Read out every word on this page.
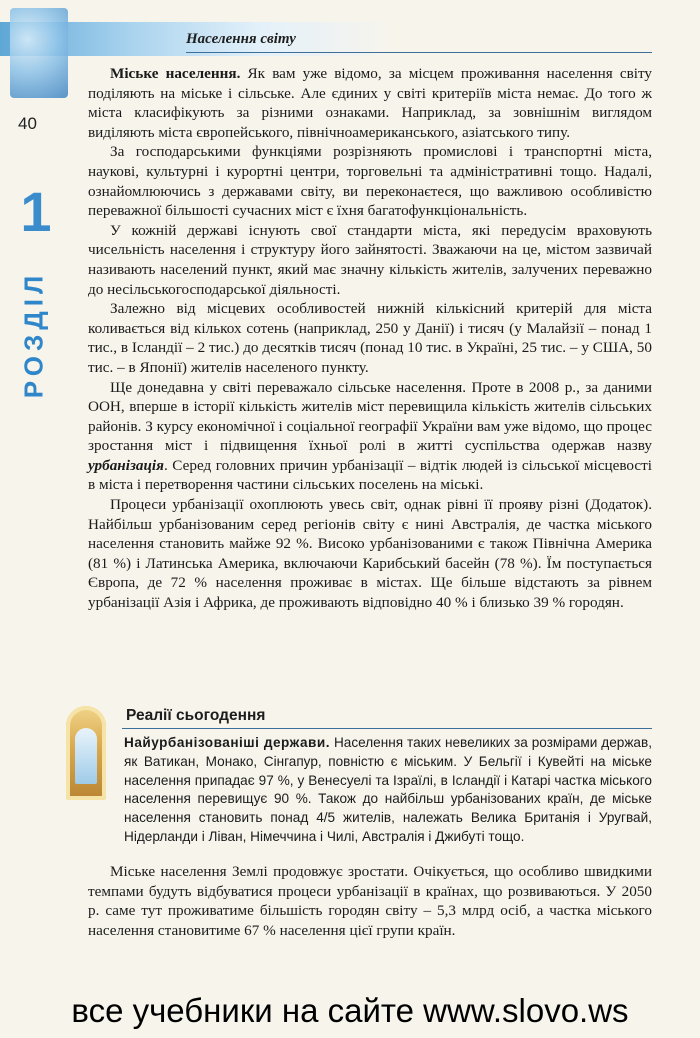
Населення світу
40
1
РОЗДІЛ

Міське населення. Як вам уже відомо, за місцем проживання населення світу поділяють на міське і сільське. Але єдиних у світі критеріїв міста немає. До того ж міста класифікують за різними ознаками. Наприклад, за зовнішнім виглядом виділяють міста європейського, північноамериканського, азіатського типу.

За господарськими функціями розрізняють промислові і транспортні міста, наукові, культурні і курортні центри, торговельні та адміністративні тощо. Надалі, ознайомлюючись з державами світу, ви переконаєтеся, що важливою особливістю переважної більшості сучасних міст є їхня багатофункціональність.

У кожній державі існують свої стандарти міста, які передусім враховують чисельність населення і структуру його зайнятості. Зважаючи на це, містом зазвичай називають населений пункт, який має значну кількість жителів, залучених переважно до несільськогосподарської діяльності.

Залежно від місцевих особливостей нижній кількісний критерій для міста коливається від кількох сотень (наприклад, 250 у Данії) і тисяч (у Малайзії – понад 1 тис., в Ісландії – 2 тис.) до десятків тисяч (понад 10 тис. в Україні, 25 тис. – у США, 50 тис. – в Японії) жителів населеного пункту.

Ще донедавна у світі переважало сільське населення. Проте в 2008 р., за даними ООН, вперше в історії кількість жителів міст перевищила кількість жителів сільських районів. З курсу економічної і соціальної географії України вам уже відомо, що процес зростання міст і підвищення їхньої ролі в житті суспільства одержав назву урбанізація. Серед головних причин урбанізації – відтік людей із сільської місцевості в міста і перетворення частини сільських поселень на міські.

Процеси урбанізації охоплюють увесь світ, однак рівні її прояву різні (Додаток). Найбільш урбанізованим серед регіонів світу є нині Австралія, де частка міського населення становить майже 92 %. Високо урбанізованими є також Північна Америка (81 %) і Латинська Америка, включаючи Карибський басейн (78 %). Їм поступається Європа, де 72 % населення проживає в містах. Ще більше відстають за рівнем урбанізації Азія і Африка, де проживають відповідно 40 % і близько 39 % городян.

Реалії сьогодення

Найурбанізованіші держави. Населення таких невеликих за розмірами держав, як Ватикан, Монако, Сінгапур, повністю є міським. У Бельгії і Кувейті на міське населення припадає 97 %, у Венесуелі та Ізраїлі, в Ісландії і Катарі частка міського населення перевищує 90 %. Також до найбільш урбанізованих країн, де міське населення становить понад 4/5 жителів, належать Велика Британія і Уругвай, Нідерланди і Ліван, Німеччина і Чилі, Австралія і Джибуті тощо.

Міське населення Землі продовжує зростати. Очікується, що особливо швидкими темпами будуть відбуватися процеси урбанізації в країнах, що розвиваються. У 2050 р. саме тут проживатиме більшість городян світу – 5,3 млрд осіб, а частка міського населення становитиме 67 % населення цієї групи країн.

все учебники на сайте www.slovo.ws
